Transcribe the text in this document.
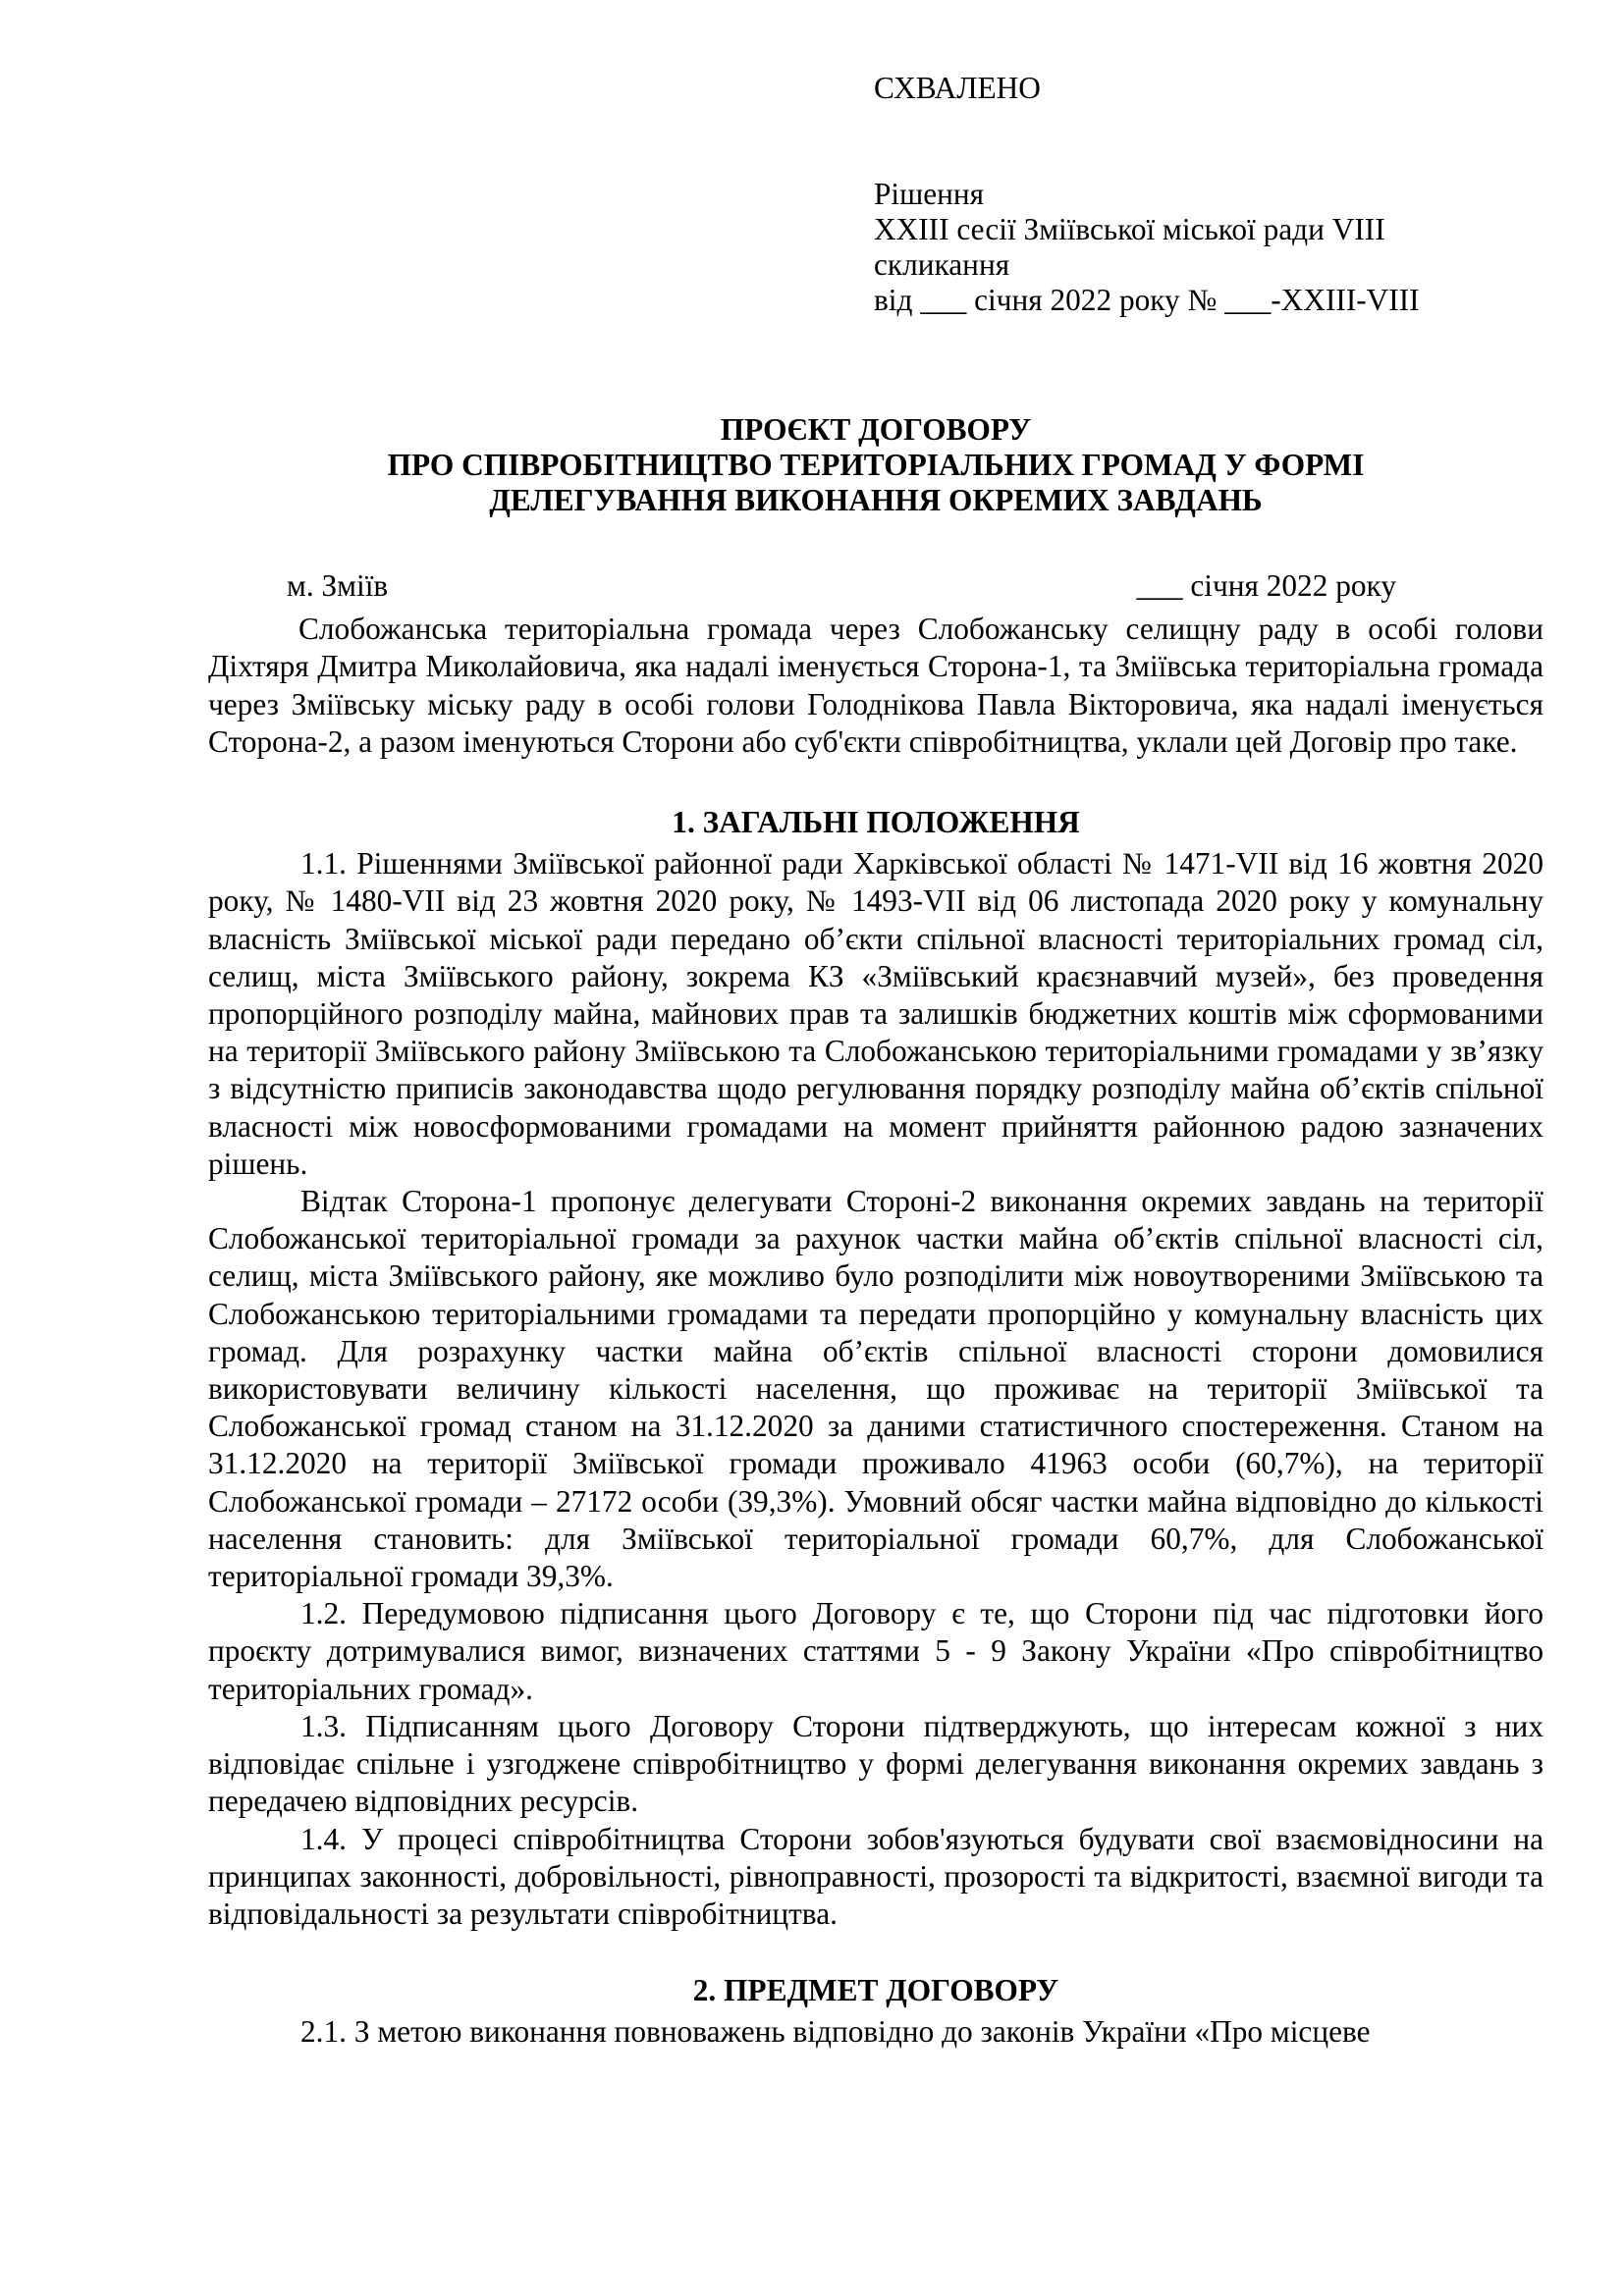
СХВАЛЕНО

Рішення

XXIII сесії Зміївської міської ради VIII

скликання

від ___ січня 2022 року № ___-XXIII-VIII

ПРОЄКТ ДОГОВОРУ

ПРО СПІВРОБІТНИЦТВО ТЕРИТОРІАЛЬНИХ ГРОМАД У ФОРМІ

ДЕЛЕГУВАННЯ ВИКОНАННЯ ОКРЕМИХ ЗАВДАНЬ

м. Зміїв	___ січня 2022 року

Слобожанська територіальна громада через Слобожанську селищну раду в особі голови Діхтяря Дмитра Миколайовича, яка надалі іменується Сторона-1, та Зміївська територіальна громада через Зміївську міську раду в особі голови Голоднікова Павла Вікторовича, яка надалі іменується Сторона-2, а разом іменуються Сторони або суб'єкти співробітництва, уклали цей Договір про таке.

1. ЗАГАЛЬНІ ПОЛОЖЕННЯ

1.1. Рішеннями Зміївської районної ради Харківської області № 1471-VII від 16 жовтня 2020 року, № 1480-VII від 23 жовтня 2020 року, № 1493-VII від 06 листопада 2020 року у комунальну власність Зміївської міської ради передано об’єкти спільної власності територіальних громад сіл, селищ, міста Зміївського району, зокрема КЗ «Зміївський краєзнавчий музей», без проведення пропорційного розподілу майна, майнових прав та залишків бюджетних коштів між сформованими на території Зміївського району Зміївською та Слобожанською територіальними громадами у зв’язку з відсутністю приписів законодавства щодо регулювання порядку розподілу майна об’єктів спільної власності між новосформованими громадами на момент прийняття районною радою зазначених рішень.

Відтак Сторона-1 пропонує делегувати Стороні-2 виконання окремих завдань на території Слобожанської територіальної громади за рахунок частки майна об’єктів спільної власності сіл, селищ, міста Зміївського району, яке можливо було розподілити між новоутвореними Зміївською та Слобожанською територіальними громадами та передати пропорційно у комунальну власність цих громад. Для розрахунку частки майна об’єктів спільної власності сторони домовилися використовувати величину кількості населення, що проживає на території Зміївської та Слобожанської громад станом на 31.12.2020 за даними статистичного спостереження. Станом на 31.12.2020 на території Зміївської громади проживало 41963 особи (60,7%), на території Слобожанської громади – 27172 особи (39,3%). Умовний обсяг частки майна відповідно до кількості населення становить: для Зміївської територіальної громади 60,7%, для Слобожанської територіальної громади 39,3%.

1.2. Передумовою підписання цього Договору є те, що Сторони під час підготовки його проєкту дотримувалися вимог, визначених статтями 5 - 9 Закону України «Про співробітництво територіальних громад».

1.3. Підписанням цього Договору Сторони підтверджують, що інтересам кожної з них відповідає спільне і узгоджене співробітництво у формі делегування виконання окремих завдань з передачею відповідних ресурсів.

1.4. У процесі співробітництва Сторони зобов'язуються будувати свої взаємовідносини на принципах законності, добровільності, рівноправності, прозорості та відкритості, взаємної вигоди та відповідальності за результати співробітництва.

2. ПРЕДМЕТ ДОГОВОРУ

2.1. З метою виконання повноважень відповідно до законів України «Про місцеве
